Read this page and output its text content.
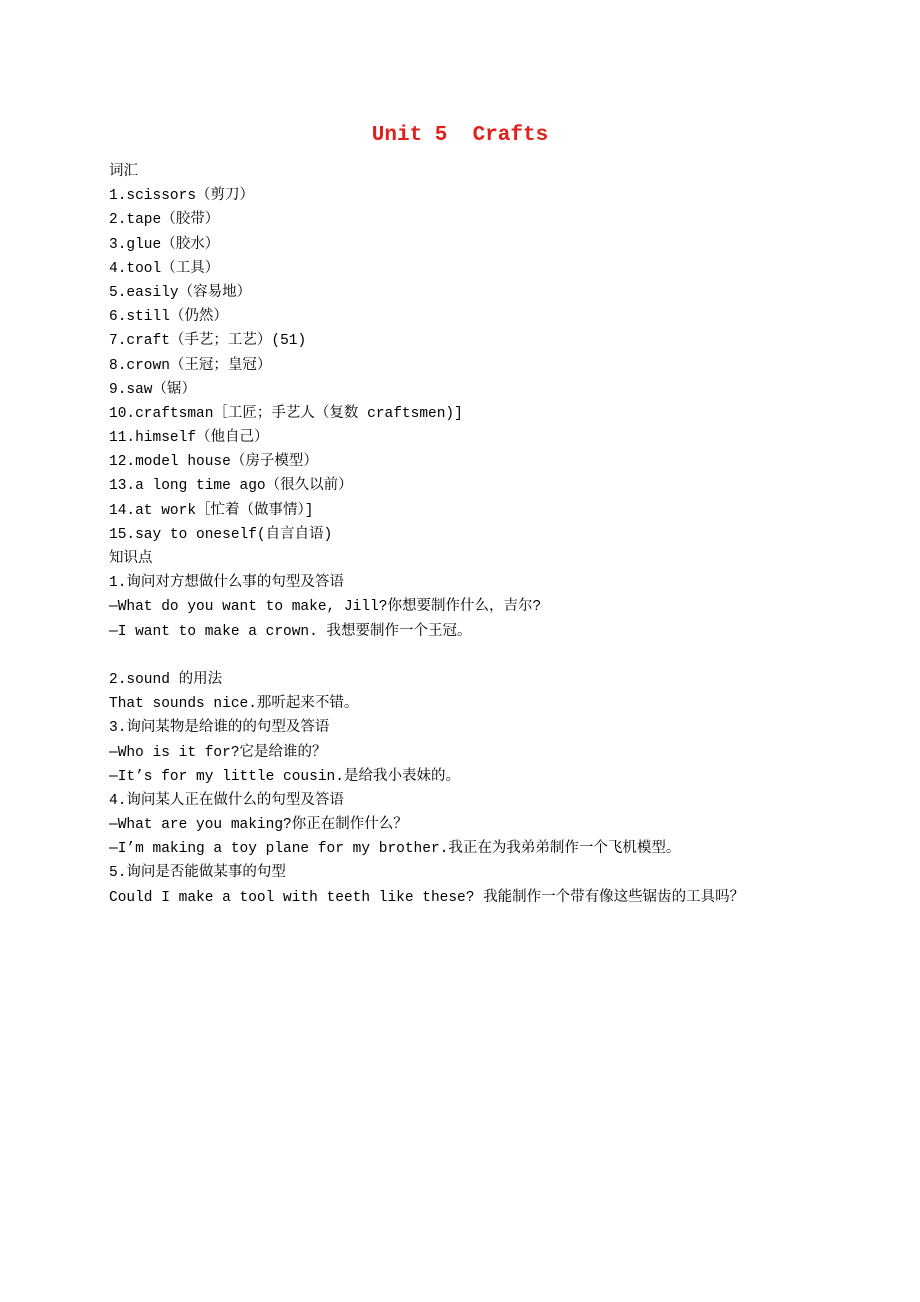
Unit 5  Crafts
词汇
1.scissors（剪刀）
2.tape（胶带）
3.glue（胶水）
4.tool（工具）
5.easily（容易地）
6.still（仍然）
7.craft（手艺；工艺）(51)
8.crown（王冠；皇冠）
9.saw（锯）
10.craftsman［工匠；手艺人（复数 craftsmen)]
11.himself（他自己）
12.model house（房子模型）
13.a long time ago（很久以前）
14.at work［忙着（做事情）]
15.say to oneself(自言自语)
知识点
1.询问对方想做什么事的句型及答语
—What do you want to make, Jill?你想要制作什么，吉尔?
—I want to make a crown. 我想要制作一个王冠。
2.sound 的用法
That sounds nice.那听起来不错。
3.询问某物是给谁的的句型及答语
—Who is it for?它是给谁的？
—It’s for my little cousin.是给我小表妹的。
4.询问某人正在做什么的句型及答语
—What are you making?你正在制作什么？
—I’m making a toy plane for my brother.我正在为我弟弟制作一个飞机模型。
5.询问是否能做某事的句型
Could I make a tool with teeth like these? 我能制作一个带有像这些锯齿的工具吗？
